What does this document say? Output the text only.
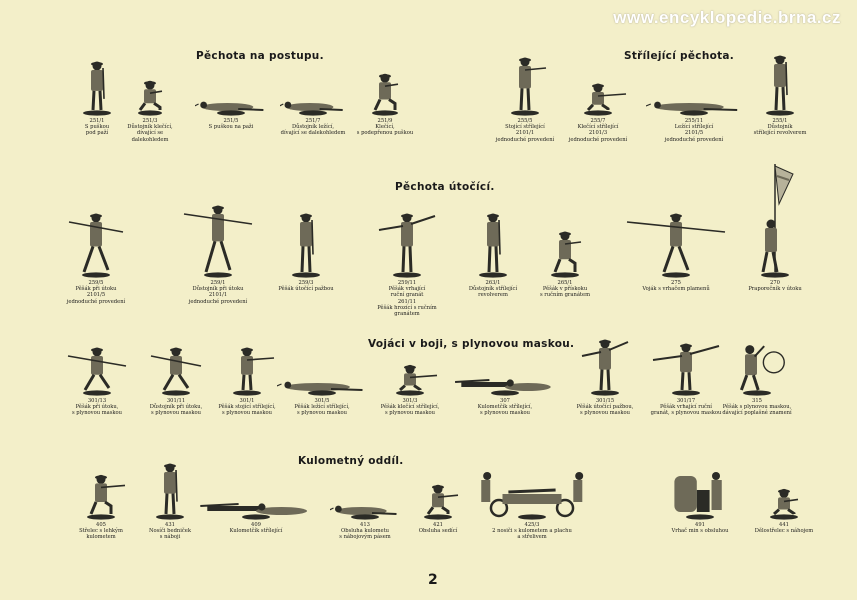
www.encyklopedie.brna.cz
Pěchota na postupu.	Střílející pěchota.
Pěchota útočící.
Vojáci v boji, s plynovou maskou.
Kulometný oddíl.
251/1
S puškou
pod paží
251/3
Důstojník klečící,
dívající se
dalekohledem
251/5
S puškou na paži
251/7
Důstojník ležící,
dívající se dalekohledem
251/9
Klečící,
s podepřenou puškou
255/5
Stojící střílející
2101/1
jednoduché provedení
255/7
Klečící střílející
2101/3
jednoduché provedení
255/11
Ležící střílející
2101/5
jednoduché provedení
255/1
Důstojník
střílející revolverem
259/5
Pěšák při útoku
2101/5
jednoduché provedení
259/1
Důstojník při útoku
2101/1
jednoduché provedení
259/3
Pěšák útočící pažbou
259/11
Pěšák vrhající
ruční granát
261/11
Pěšák hrozící s ručním
granátem
263/1
Důstojník střílející
revolverem
265/1
Pěšák v přískoku
s ručním granátem
275
Voják s vrhačem plamenů
270
Praporečník v útoku
301/13
Pěšák při útoku,
s plynovou maskou
301/11
Důstojník při útoku,
s plynovou maskou
301/1
Pěšák stojící střílející,
s plynovou maskou
301/5
Pěšák ležící střílející,
s plynovou maskou
301/3
Pěšák klečící střílející,
s plynovou maskou
307
Kulometčík střílející,
s plynovou maskou
301/15
Pěšák útočící pažbou,
s plynovou maskou
301/17
Pěšák vrhající ruční
granát, s plynovou maskou
315
Pěšák s plynovou maskou,
dávající poplašné znamení
405
Střelec s lehkým
kulometem
431
Nosíči bedniček
s náboji
409
Kulometčík střílející
413
Obsluha kulometu
s nábojovým pásem
421
Obsluha sedící
425/3
2 nosiči s kulometem a plachu
a střelivem
491
Vrhač min s obsluhou
441
Dělostřelec s náhojem
2
